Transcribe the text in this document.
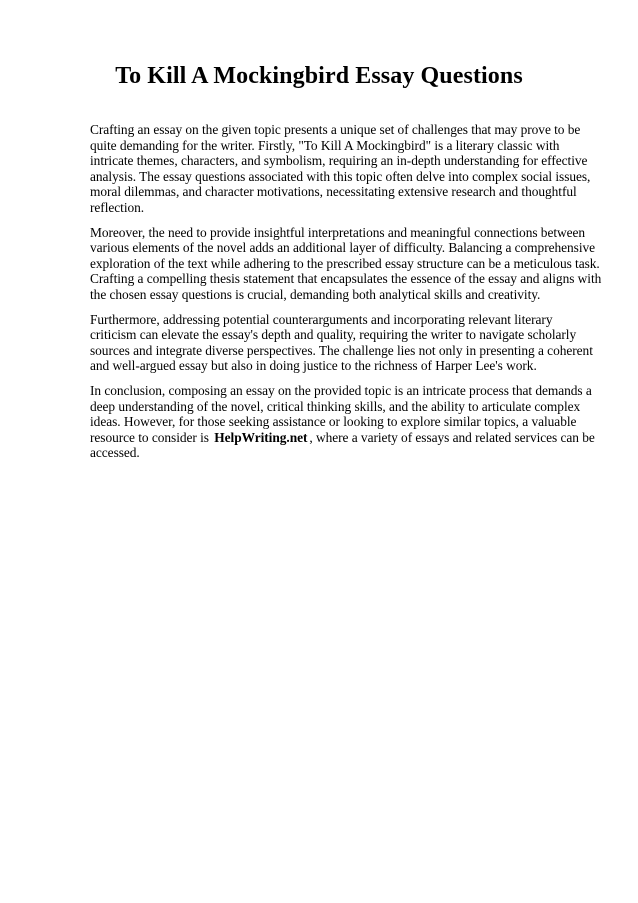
To Kill A Mockingbird Essay Questions

Crafting an essay on the given topic presents a unique set of challenges that may prove to be quite demanding for the writer. Firstly, "To Kill A Mockingbird" is a literary classic with intricate themes, characters, and symbolism, requiring an in-depth understanding for effective analysis. The essay questions associated with this topic often delve into complex social issues, moral dilemmas, and character motivations, necessitating extensive research and thoughtful reflection.

Moreover, the need to provide insightful interpretations and meaningful connections between various elements of the novel adds an additional layer of difficulty. Balancing a comprehensive exploration of the text while adhering to the prescribed essay structure can be a meticulous task. Crafting a compelling thesis statement that encapsulates the essence of the essay and aligns with the chosen essay questions is crucial, demanding both analytical skills and creativity.

Furthermore, addressing potential counterarguments and incorporating relevant literary criticism can elevate the essay's depth and quality, requiring the writer to navigate scholarly sources and integrate diverse perspectives. The challenge lies not only in presenting a coherent and well-argued essay but also in doing justice to the richness of Harper Lee's work.

In conclusion, composing an essay on the provided topic is an intricate process that demands a deep understanding of the novel, critical thinking skills, and the ability to articulate complex ideas. However, for those seeking assistance or looking to explore similar topics, a valuable resource to consider is HelpWriting.net , where a variety of essays and related services can be accessed.
